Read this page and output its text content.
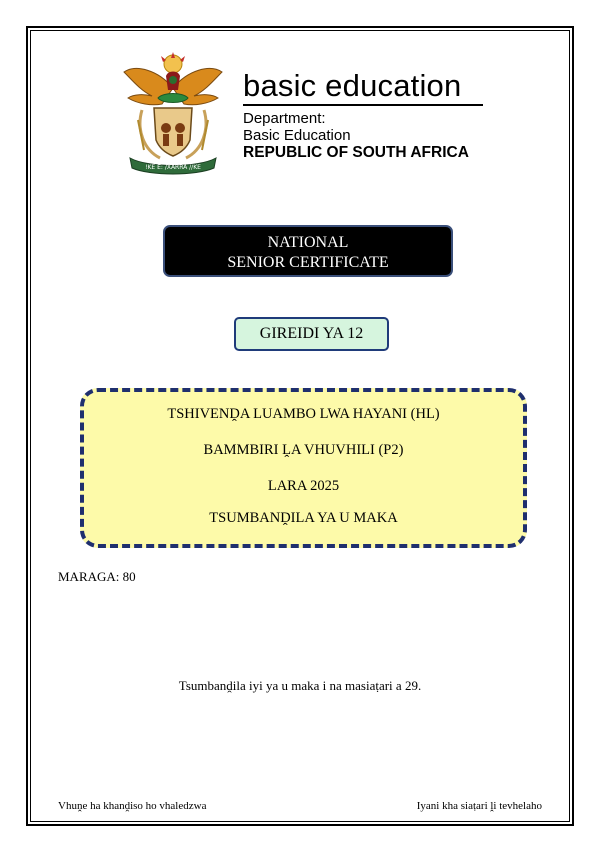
!KE E: /XARRA //KE
basic education
Department:
Basic Education
REPUBLIC OF SOUTH AFRICA
NATIONAL
SENIOR CERTIFICATE
GIREIDI YA 12
TSHIVENḒA LUAMBO LWA HAYANI (HL)
BAMMBIRI ḼA VHUVHILI (P2)
LARA 2025
TSUMBANḒILA YA U MAKA
MARAGA: 80
Tsumbanḓila iyi ya u maka i na masiaṭari a 29.
Vhuṋe ha khanḓiso ho vhaledzwa	Iyani kha siaṭari ḽi tevhelaho
